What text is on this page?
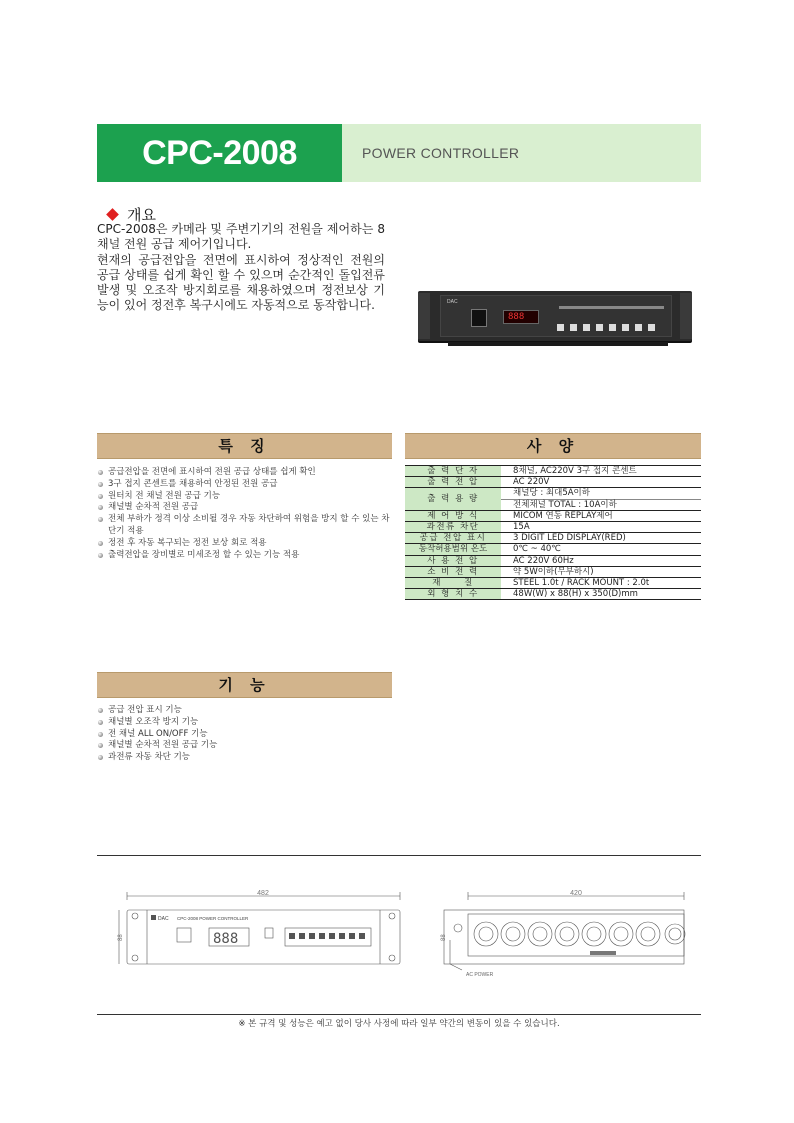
CPC-2008	POWER CONTROLLER
개요

CPC-2008은 카메라 및 주변기기의 전원을 제어하는 8채널 전원 공급 제어기입니다.

현재의 공급전압을 전면에 표시하여 정상적인 전원의 공급 상태를 쉽게 확인 할 수 있으며 순간적인 돌입전류 발생 및 오조작 방지회로를 채용하였으며 정전보상 기능이 있어 정전후 복구시에도 자동적으로 동작합니다.	DAC
888
특 징
공급전압을 전면에 표시하여 전원 공급 상태를 쉽게 확인
3구 접지 콘센트를 채용하여 안정된 전원 공급
원터치 전 채널 전원 공급 기능
채널별 순차적 전원 공급
전체 부하가 정격 이상 소비될 경우 자동 차단하여 위험을 방지 할 수 있는 차단기 적용
정전 후 자동 복구되는 정전 보상 회로 적용
출력전압을 장비별로 미세조정 할 수 있는 기능 적용
사 양
출 력 단 자	8채널, AC220V 3구 접지 콘센트
출 력 전 압	AC 220V
출 력 용 량	채널당 : 최대5A이하
	전체채널 TOTAL : 10A이하
제 어 방 식	MICOM 연동 REPLAY제어
과전류 차단	15A
공급 전압 표시	3 DIGIT LED DISPLAY(RED)
동작허용범위 온도	0℃ ~ 40℃
사 용 전 압	AC 220V 60Hz
소 비 전 력	약 5W이하(무부하시)
재 질	STEEL 1.0t / RACK MOUNT : 2.0t
외 형 치 수	48W(W) x 88(H) x 350(D)mm
기 능
공급 전압 표시 기능
채널별 오조작 방지 기능
전 채널 ALL ON/OFF 기능
채널별 순차적 전원 공급 기능
과전류 자동 차단 기능
482
88
DAC CPC-2008 POWER CONTROLLER
888
420
88
AC POWER
※ 본 규격 및 성능은 예고 없이 당사 사정에 따라 일부 약간의 변동이 있을 수 있습니다.
